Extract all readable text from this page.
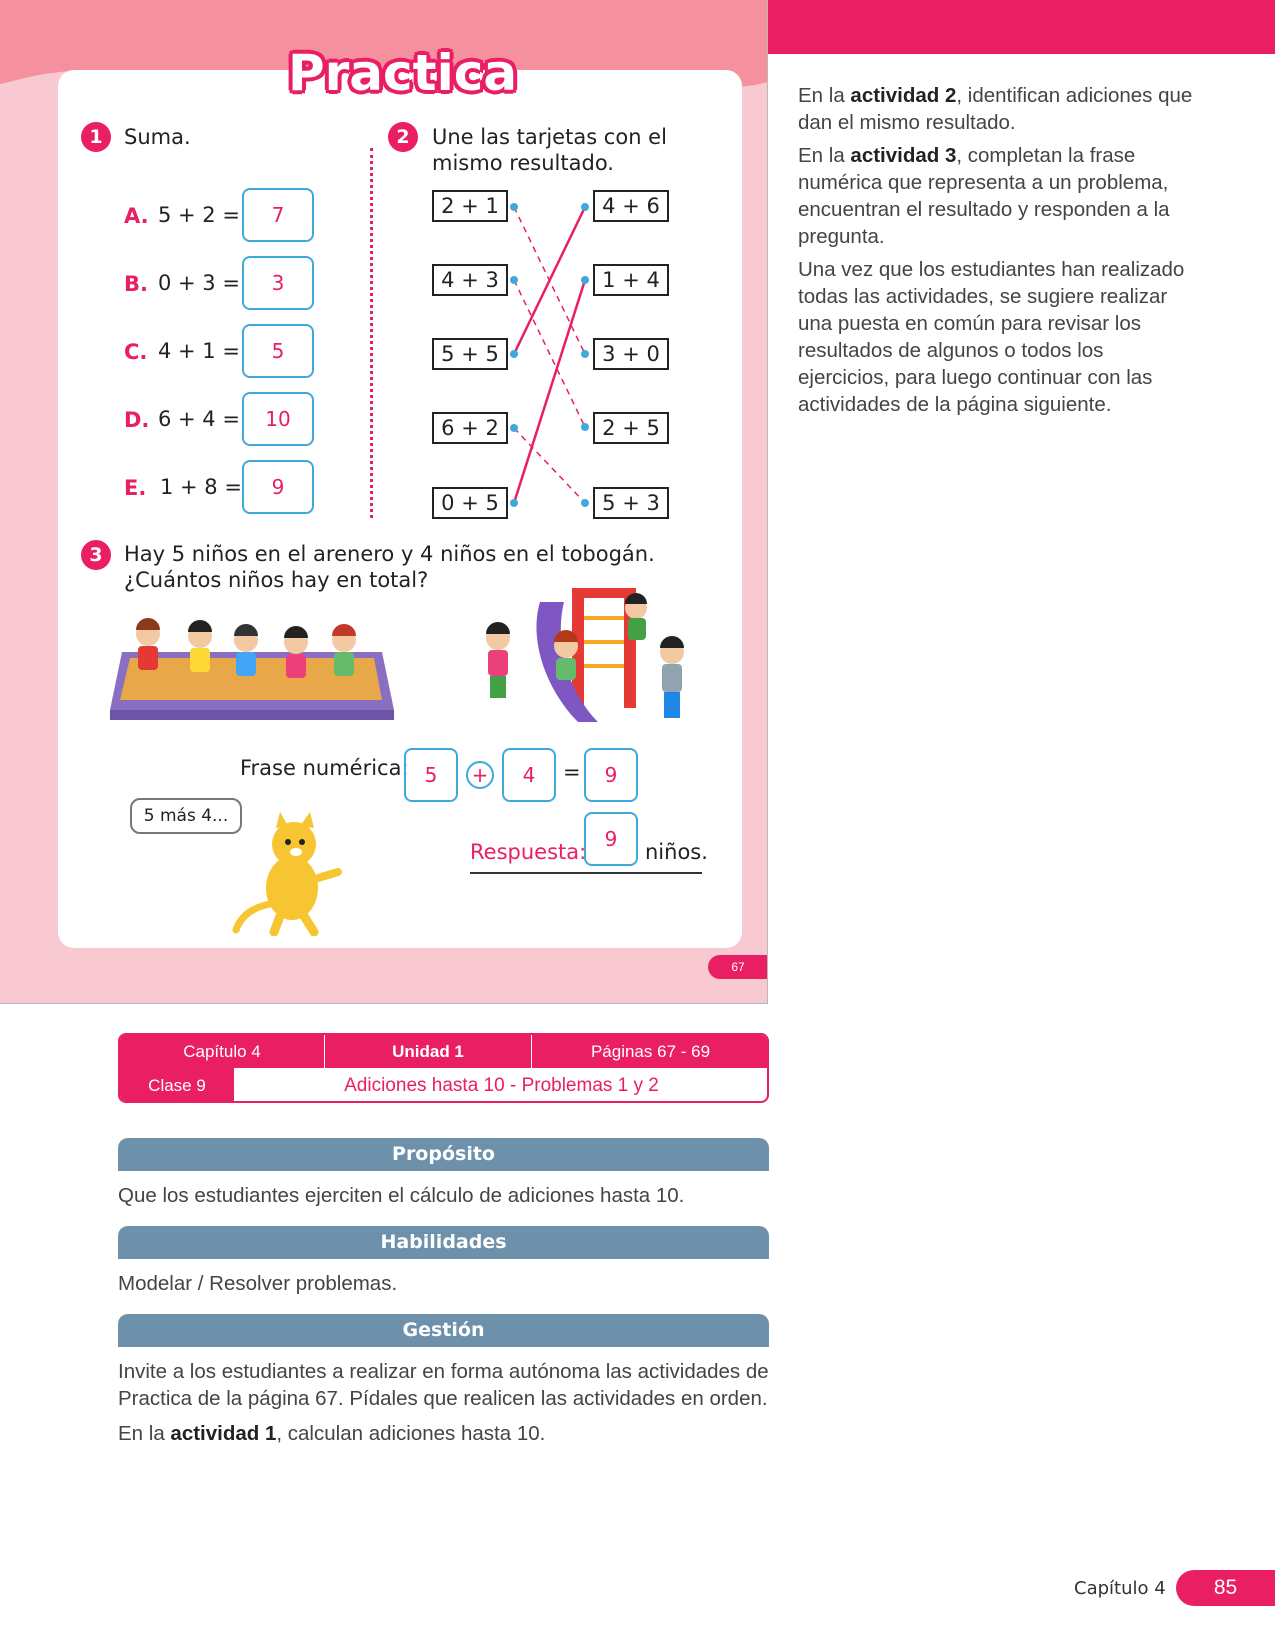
Practica
1	Suma.
A. 5 + 2 =	7
B. 0 + 3 =	3
C. 4 + 1 =	5
D. 6 + 4 =	10
E. 1 + 8 =	9
2	Une las tarjetas con el
mismo resultado.
2 + 1
4 + 3
5 + 5
6 + 2
0 + 5
4 + 6
1 + 4
3 + 0
2 + 5
5 + 3
3	Hay 5 niños en el arenero y 4 niños en el tobogán.
¿Cuántos niños hay en total?
Frase numérica: 5	+	4	=	9
5 más 4...
Respuesta:
9
niños.
67

En la actividad 2, identifican adiciones que dan el mismo resultado.

En la actividad 3, completan la frase numérica que representa a un problema, encuentran el resultado y responden a la pregunta.

Una vez que los estudiantes han realizado todas las actividades, se sugiere realizar una puesta en común para revisar los resultados de algunos o todos los ejercicios, para luego continuar con las actividades de la página siguiente.

Capítulo 4	Unidad 1	Páginas 67 - 69
Clase 9	Adiciones hasta 10 - Problemas 1 y 2
Propósito
Que los estudiantes ejerciten el cálculo de adiciones hasta 10.
Habilidades
Modelar / Resolver problemas.
Gestión
Invite a los estudiantes a realizar en forma autónoma las actividades de Practica de la página 67. Pídales que realicen las actividades en orden.
En la actividad 1, calculan adiciones hasta 10.
Capítulo 4	85
